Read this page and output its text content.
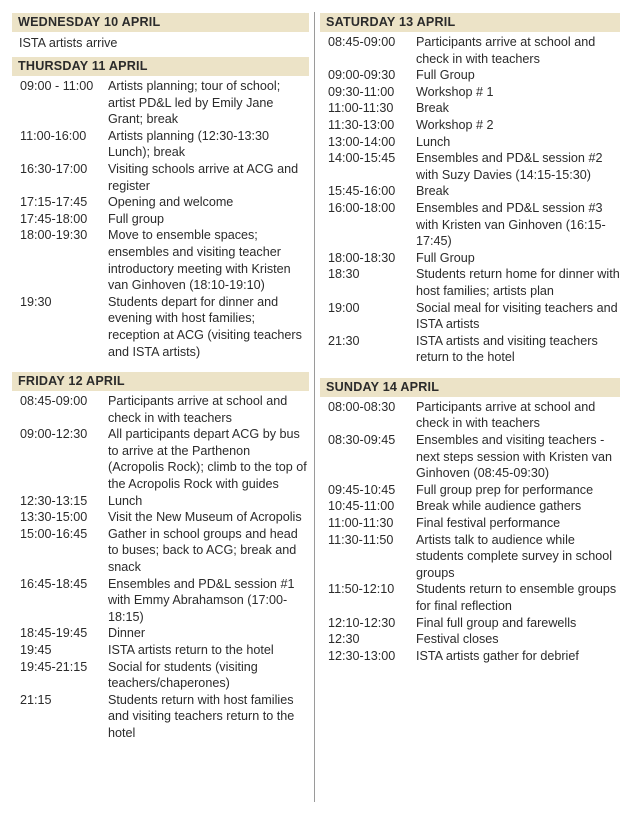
WEDNESDAY 10 APRIL
ISTA artists arrive
THURSDAY 11 APRIL
09:00 - 11:00	Artists planning; tour of school; artist PD&L led by Emily Jane Grant; break
11:00-16:00	Artists planning (12:30-13:30 Lunch); break
16:30-17:00	Visiting schools arrive at ACG and register
17:15-17:45	Opening and welcome
17:45-18:00	Full group
18:00-19:30	Move to ensemble spaces; ensembles and visiting teacher introductory meeting with Kristen van Ginhoven (18:10-19:10)
19:30	Students depart for dinner and evening with host families; reception at ACG (visiting teachers and ISTA artists)
FRIDAY 12 APRIL
08:45-09:00	Participants arrive at school and check in with teachers
09:00-12:30	All participants depart ACG by bus to arrive at the Parthenon (Acropolis Rock); climb to the top of the Acropolis Rock with guides
12:30-13:15	Lunch
13:30-15:00	Visit the New Museum of Acropolis
15:00-16:45	Gather in school groups and head to buses; back to ACG; break and snack
16:45-18:45	Ensembles and PD&L session #1 with Emmy Abrahamson (17:00-18:15)
18:45-19:45	Dinner
19:45	ISTA artists return to the hotel
19:45-21:15	Social for students (visiting teachers/chaperones)
21:15	Students return with host families and visiting teachers return to the hotel
SATURDAY 13 APRIL
08:45-09:00	Participants arrive at school and check in with teachers
09:00-09:30	Full Group
09:30-11:00	Workshop # 1
11:00-11:30	Break
11:30-13:00	Workshop # 2
13:00-14:00	Lunch
14:00-15:45	Ensembles and PD&L session #2 with Suzy Davies (14:15-15:30)
15:45-16:00	Break
16:00-18:00	Ensembles and PD&L session #3 with Kristen van Ginhoven (16:15-17:45)
18:00-18:30	Full Group
18:30	Students return home for dinner with host families; artists plan
19:00	Social meal for visiting teachers and ISTA artists
21:30	ISTA artists and visiting teachers return to the hotel
SUNDAY 14 APRIL
08:00-08:30	Participants arrive at school and check in with teachers
08:30-09:45	Ensembles and visiting teachers - next steps session with Kristen van Ginhoven (08:45-09:30)
09:45-10:45	Full group prep for performance
10:45-11:00	Break while audience gathers
11:00-11:30	Final festival performance
11:30-11:50	Artists talk to audience while students complete survey in school groups
11:50-12:10	Students return to ensemble groups for final reflection
12:10-12:30	Final full group and farewells
12:30	Festival closes
12:30-13:00	ISTA artists gather for debrief
